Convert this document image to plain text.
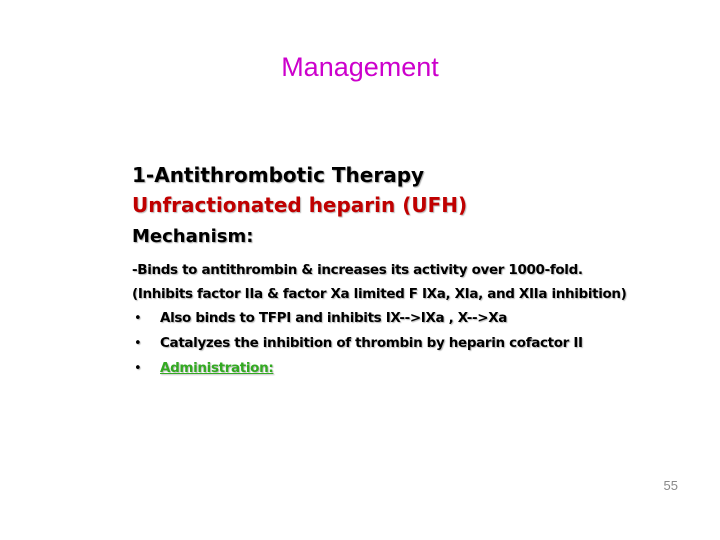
Management
1-Antithrombotic Therapy
Unfractionated heparin (UFH)
Mechanism:
-Binds to antithrombin & increases its activity over 1000-fold.
(Inhibits factor IIa & factor Xa limited F IXa, XIa, and XIIa inhibition)
•	Also binds to TFPI and inhibits IX-->IXa , X-->Xa
•	Catalyzes the inhibition of thrombin by heparin cofactor II
•	Administration:
55
